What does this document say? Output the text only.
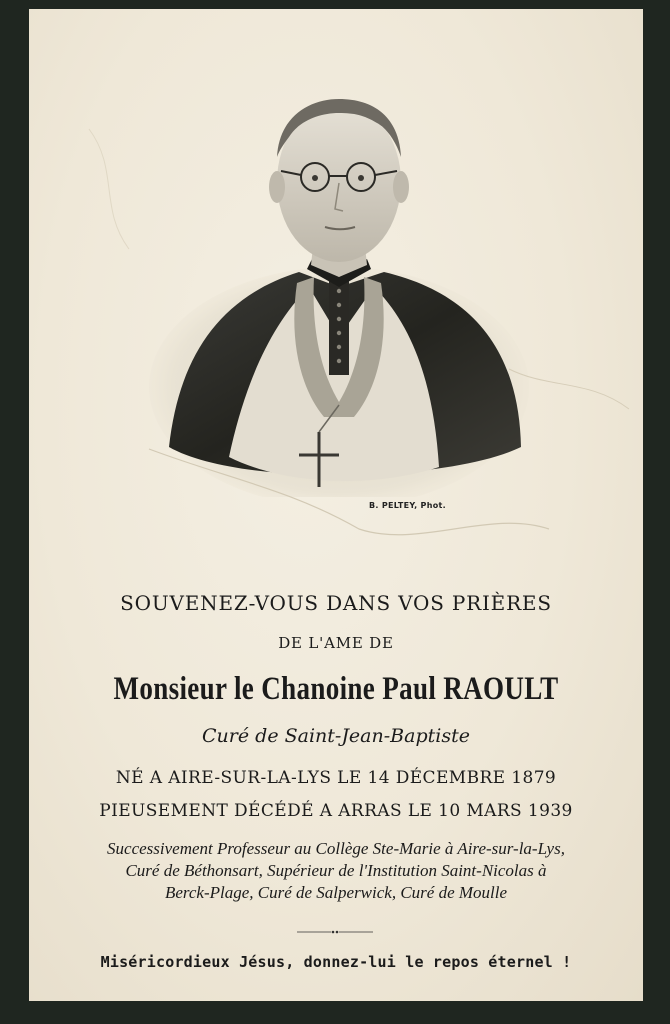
B. PELTEY, Phot.
SOUVENEZ-VOUS DANS VOS PRIÈRES
DE L'AME DE
Monsieur le Chanoine Paul RAOULT
Curé de Saint-Jean-Baptiste
NÉ A AIRE-SUR-LA-LYS LE 14 DÉCEMBRE 1879
PIEUSEMENT DÉCÉDÉ A ARRAS LE 10 MARS 1939
Successivement Professeur au Collège Ste-Marie à Aire-sur-la-Lys,
Curé de Béthonsart, Supérieur de l'Institution Saint-Nicolas à
Berck-Plage, Curé de Salperwick, Curé de Moulle
Miséricordieux Jésus, donnez-lui le repos éternel !
